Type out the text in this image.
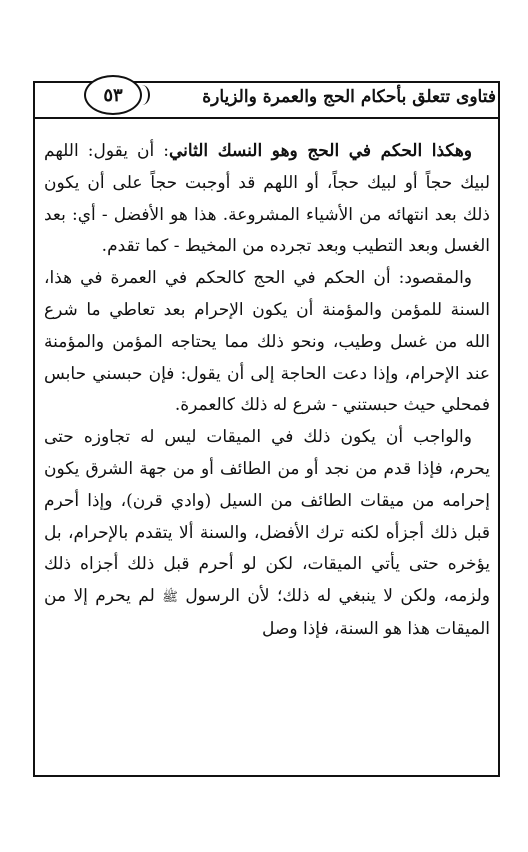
فتاوى تتعلق بأحكام الحج والعمرة والزيارة
٥٣

وهكذا الحكم في الحج وهو النسك الثاني: أن يقول: اللهم لبيك حجاً أو لبيك حجاً، أو اللهم قد أوجبت حجاً على أن يكون ذلك بعد انتهائه من الأشياء المشروعة. هذا هو الأفضل - أي: بعد الغسل وبعد التطيب وبعد تجرده من المخيط - كما تقدم.

والمقصود: أن الحكم في الحج كالحكم في العمرة في هذا، السنة للمؤمن والمؤمنة أن يكون الإحرام بعد تعاطي ما شرع الله من غسل وطيب، ونحو ذلك مما يحتاجه المؤمن والمؤمنة عند الإحرام، وإذا دعت الحاجة إلى أن يقول: فإن حبسني حابس فمحلي حيث حبستني - شرع له ذلك كالعمرة.

والواجب أن يكون ذلك في الميقات ليس له تجاوزه حتى يحرم، فإذا قدم من نجد أو من الطائف أو من جهة الشرق يكون إحرامه من ميقات الطائف من السيل (وادي قرن)، وإذا أحرم قبل ذلك أجزأه لكنه ترك الأفضل، والسنة ألا يتقدم بالإحرام، بل يؤخره حتى يأتي الميقات، لكن لو أحرم قبل ذلك أجزاه ذلك ولزمه، ولكن لا ينبغي له ذلك؛ لأن الرسول ﷺ لم يحرم إلا من الميقات هذا هو السنة، فإذا وصل
